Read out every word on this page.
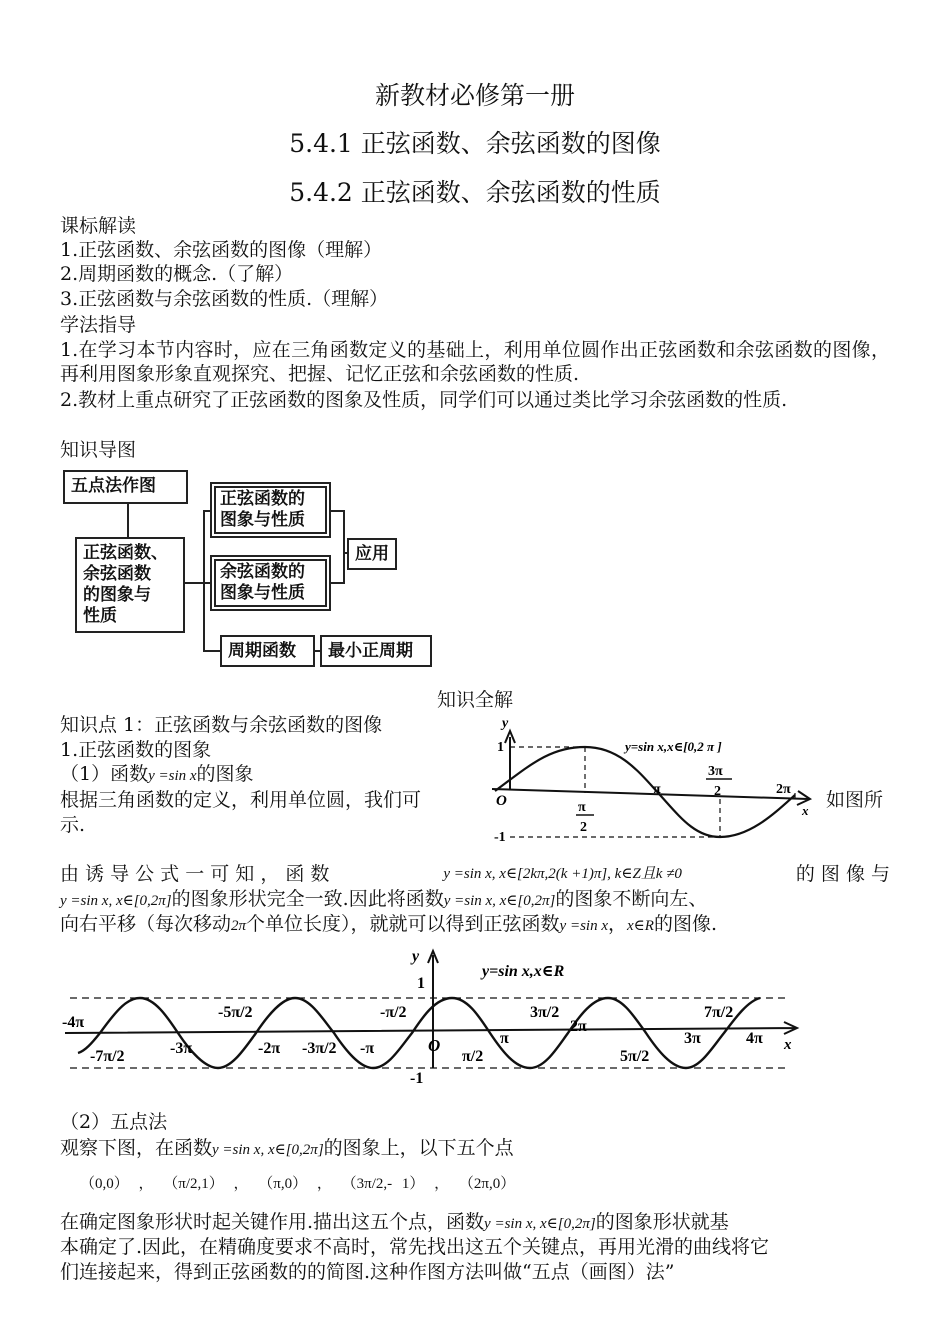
新教材必修第一册
5.4.1 正弦函数、余弦函数的图像
5.4.2 正弦函数、余弦函数的性质
课标解读
1.正弦函数、余弦函数的图像（理解）
2.周期函数的概念.（了解）
3.正弦函数与余弦函数的性质.（理解）
学法指导
1.在学习本节内容时，应在三角函数定义的基础上，利用单位圆作出正弦函数和余弦函数的图像，再利用图象形象直观探究、把握、记忆正弦和余弦函数的性质.
2.教材上重点研究了正弦函数的图象及性质，同学们可以通过类比学习余弦函数的性质.
知识导图
五点法作图
正弦函数、
余弦函数
的图象与
性质
正弦函数的
图象与性质
余弦函数的
图象与性质
应用
周期函数	最小正周期
知识全解
知识点 1：正弦函数与余弦函数的图像
1.正弦函数的图象
（1）函数y =sin x的图象
根据三角函数的定义，利用单位圆，我们可	如图所
示.
y
1
-1
O
x
y=sin x,x∈[0,2 π ]
π
2
π
3π
2	2π
由 诱 导 公 式 一 可 知 ， 函 数	y =sin x, x∈[2kπ,2(k +1)π], k∈Z且k ≠0	的 图 像 与
y =sin x, x∈[0,2π]的图象形状完全一致.因此将函数y =sin x, x∈[0,2π]的图象不断向左、
向右平移（每次移动2π个单位长度），就就可以得到正弦函数y =sin x，x∈R的图像.
y
1
-1
O	x
y=sin x,x∈R
-4π
-5π/2
-3π	-2π -3π/2 -π
-π/2
π/2
π
3π/2
2π
5π/2
3π
7π/2
4π
-7π/2
（2）五点法
观察下图，在函数y =sin x, x∈[0,2π]的图象上，以下五个点
（0,0） ， （π/2,1） ， （π,0） ， （3π/2,- 1） ， （2π,0）
在确定图象形状时起关键作用.描出这五个点，函数y =sin x, x∈[0,2π]的图象形状就基
本确定了.因此，在精确度要求不高时，常先找出这五个关键点，再用光滑的曲线将它
们连接起来，得到正弦函数的的简图.这种作图方法叫做“五点（画图）法”
